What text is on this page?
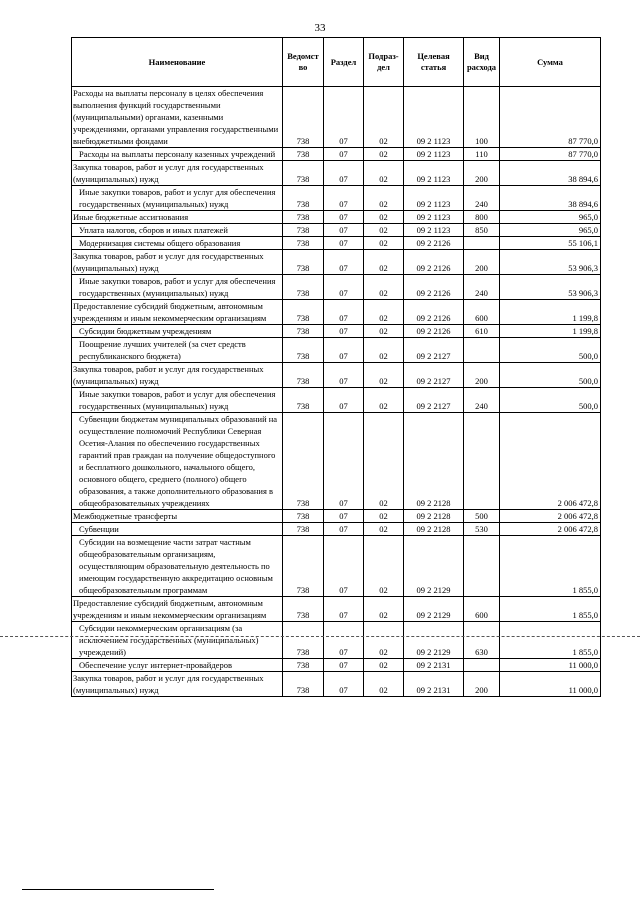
33
Наименование	Ведомст во	Раздел	Подраз- дел	Целевая статья	Вид расхода	Сумма
Расходы на выплаты персоналу в целях обеспечения выполнения функций государственными (муниципальными) органами, казенными учреждениями, органами управления государственными внебюджетными фондами	738	07	02	09 2 1123	100	87 770,0
Расходы на выплаты персоналу казенных учреждений	738	07	02	09 2 1123	110	87 770,0
Закупка товаров, работ и услуг для государственных (муниципальных) нужд	738	07	02	09 2 1123	200	38 894,6
Иные закупки товаров, работ и услуг для обеспечения государственных (муниципальных) нужд	738	07	02	09 2 1123	240	38 894,6
Иные бюджетные ассигнования	738	07	02	09 2 1123	800	965,0
Уплата налогов, сборов и иных платежей	738	07	02	09 2 1123	850	965,0
Модернизация системы общего образования	738	07	02	09 2 2126		55 106,1
Закупка товаров, работ и услуг для государственных (муниципальных) нужд	738	07	02	09 2 2126	200	53 906,3
Иные закупки товаров, работ и услуг для обеспечения государственных (муниципальных) нужд	738	07	02	09 2 2126	240	53 906,3
Предоставление субсидий бюджетным, автономным учреждениям и иным некоммерческим организациям	738	07	02	09 2 2126	600	1 199,8
Субсидии бюджетным учреждениям	738	07	02	09 2 2126	610	1 199,8
Поощрение лучших учителей (за счет средств республиканского бюджета)	738	07	02	09 2 2127		500,0
Закупка товаров, работ и услуг для государственных (муниципальных) нужд	738	07	02	09 2 2127	200	500,0
Иные закупки товаров, работ и услуг для обеспечения государственных (муниципальных) нужд	738	07	02	09 2 2127	240	500,0
Субвенции бюджетам муниципальных образований на осуществление полномочий Республики Северная Осетия-Алания по обеспечению государственных гарантий прав граждан на получение общедоступного и бесплатного дошкольного, начального общего, основного общего, среднего (полного) общего образования, а также дополнительного образования в общеобразовательных учреждениях	738	07	02	09 2 2128		2 006 472,8
Межбюджетные трансферты	738	07	02	09 2 2128	500	2 006 472,8
Субвенции	738	07	02	09 2 2128	530	2 006 472,8
Субсидии на возмещение части затрат частным общеобразовательным организациям, осуществляющим образовательную деятельность по имеющим государственную аккредитацию основным общеобразовательным программам	738	07	02	09 2 2129		1 855,0
Предоставление субсидий бюджетным, автономным учреждениям и иным некоммерческим организациям	738	07	02	09 2 2129	600	1 855,0
Субсидии некоммерческим организациям (за исключением государственных (муниципальных) учреждений)	738	07	02	09 2 2129	630	1 855,0
Обеспечение услуг интернет-провайдеров	738	07	02	09 2 2131		11 000,0
Закупка товаров, работ и услуг для государственных (муниципальных) нужд	738	07	02	09 2 2131	200	11 000,0
